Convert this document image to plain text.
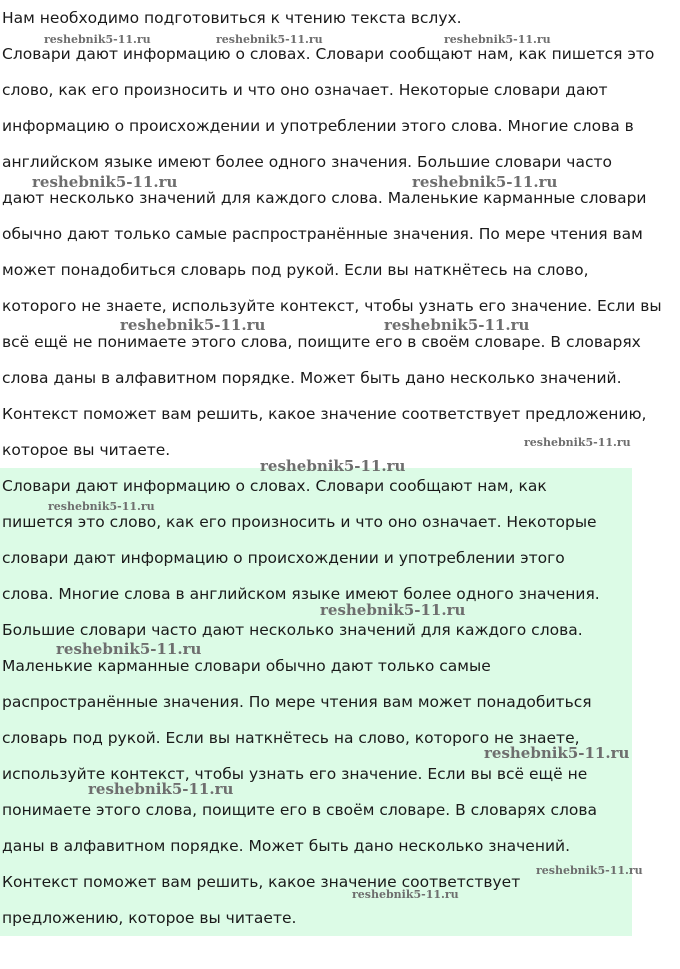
Нам необходимо подготовиться к чтению текста вслух.
Словари дают информацию о словах. Словари сообщают нам, как пишется это
слово, как его произносить и что оно означает. Некоторые словари дают
информацию о происхождении и употреблении этого слова. Многие слова в
английском языке имеют более одного значения. Большие словари часто
дают несколько значений для каждого слова. Маленькие карманные словари
обычно дают только самые распространённые значения. По мере чтения вам
может понадобиться словарь под рукой. Если вы наткнётесь на слово,
которого не знаете, используйте контекст, чтобы узнать его значение. Если вы
всё ещё не понимаете этого слова, поищите его в своём словаре. В словарях
слова даны в алфавитном порядке. Может быть дано несколько значений.
Контекст поможет вам решить, какое значение соответствует предложению,
которое вы читаете.
Словари дают информацию о словах. Словари сообщают нам, как
пишется это слово, как его произносить и что оно означает. Некоторые
словари дают информацию о происхождении и употреблении этого
слова. Многие слова в английском языке имеют более одного значения.
Большие словари часто дают несколько значений для каждого слова.
Маленькие карманные словари обычно дают только самые
распространённые значения. По мере чтения вам может понадобиться
словарь под рукой. Если вы наткнётесь на слово, которого не знаете,
используйте контекст, чтобы узнать его значение. Если вы всё ещё не
понимаете этого слова, поищите его в своём словаре. В словарях слова
даны в алфавитном порядке. Может быть дано несколько значений.
Контекст поможет вам решить, какое значение соответствует
предложению, которое вы читаете.
reshebnik5-11.ru	reshebnik5-11.ru	reshebnik5-11.ru
reshebnik5-11.ru	reshebnik5-11.ru
reshebnik5-11.ru	reshebnik5-11.ru
reshebnik5-11.ru
reshebnik5-11.ru
reshebnik5-11.ru
reshebnik5-11.ru
reshebnik5-11.ru
reshebnik5-11.ru
reshebnik5-11.ru
reshebnik5-11.ru
reshebnik5-11.ru
